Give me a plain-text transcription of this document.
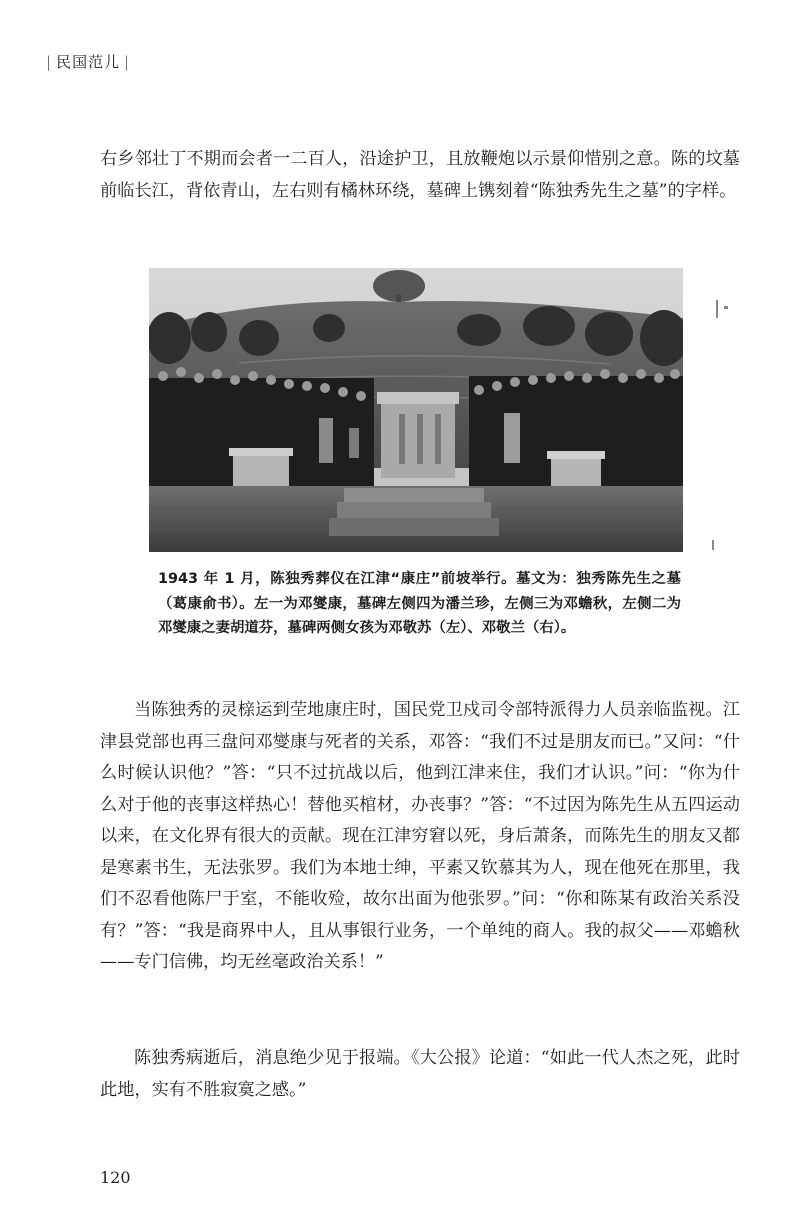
| 民国范儿 |

右乡邻壮丁不期而会者一二百人，沿途护卫，且放鞭炮以示景仰惜别之意。陈的坟墓前临长江，背依青山，左右则有橘林环绕，墓碑上镌刻着“陈独秀先生之墓”的字样。

1943 年 1 月，陈独秀葬仪在江津“康庄”前坡举行。墓文为：独秀陈先生之墓（葛康俞书）。左一为邓燮康，墓碑左侧四为潘兰珍，左侧三为邓蟾秋，左侧二为邓燮康之妻胡道芬，墓碑两侧女孩为邓敬苏（左）、邓敬兰（右）。

当陈独秀的灵榇运到茔地康庄时，国民党卫戍司令部特派得力人员亲临监视。江津县党部也再三盘问邓燮康与死者的关系，邓答：“我们不过是朋友而已。”又问：“什么时候认识他？”答：“只不过抗战以后，他到江津来住，我们才认识。”问：“你为什么对于他的丧事这样热心！替他买棺材，办丧事？”答：“不过因为陈先生从五四运动以来，在文化界有很大的贡献。现在江津穷窘以死，身后萧条，而陈先生的朋友又都是寒素书生，无法张罗。我们为本地士绅，平素又钦慕其为人，现在他死在那里，我们不忍看他陈尸于室，不能收殓，故尔出面为他张罗。”问：“你和陈某有政治关系没有？”答：“我是商界中人，且从事银行业务，一个单纯的商人。我的叔父——邓蟾秋——专门信佛，均无丝毫政治关系！”

陈独秀病逝后，消息绝少见于报端。《大公报》论道：“如此一代人杰之死，此时此地，实有不胜寂寞之感。”

120
